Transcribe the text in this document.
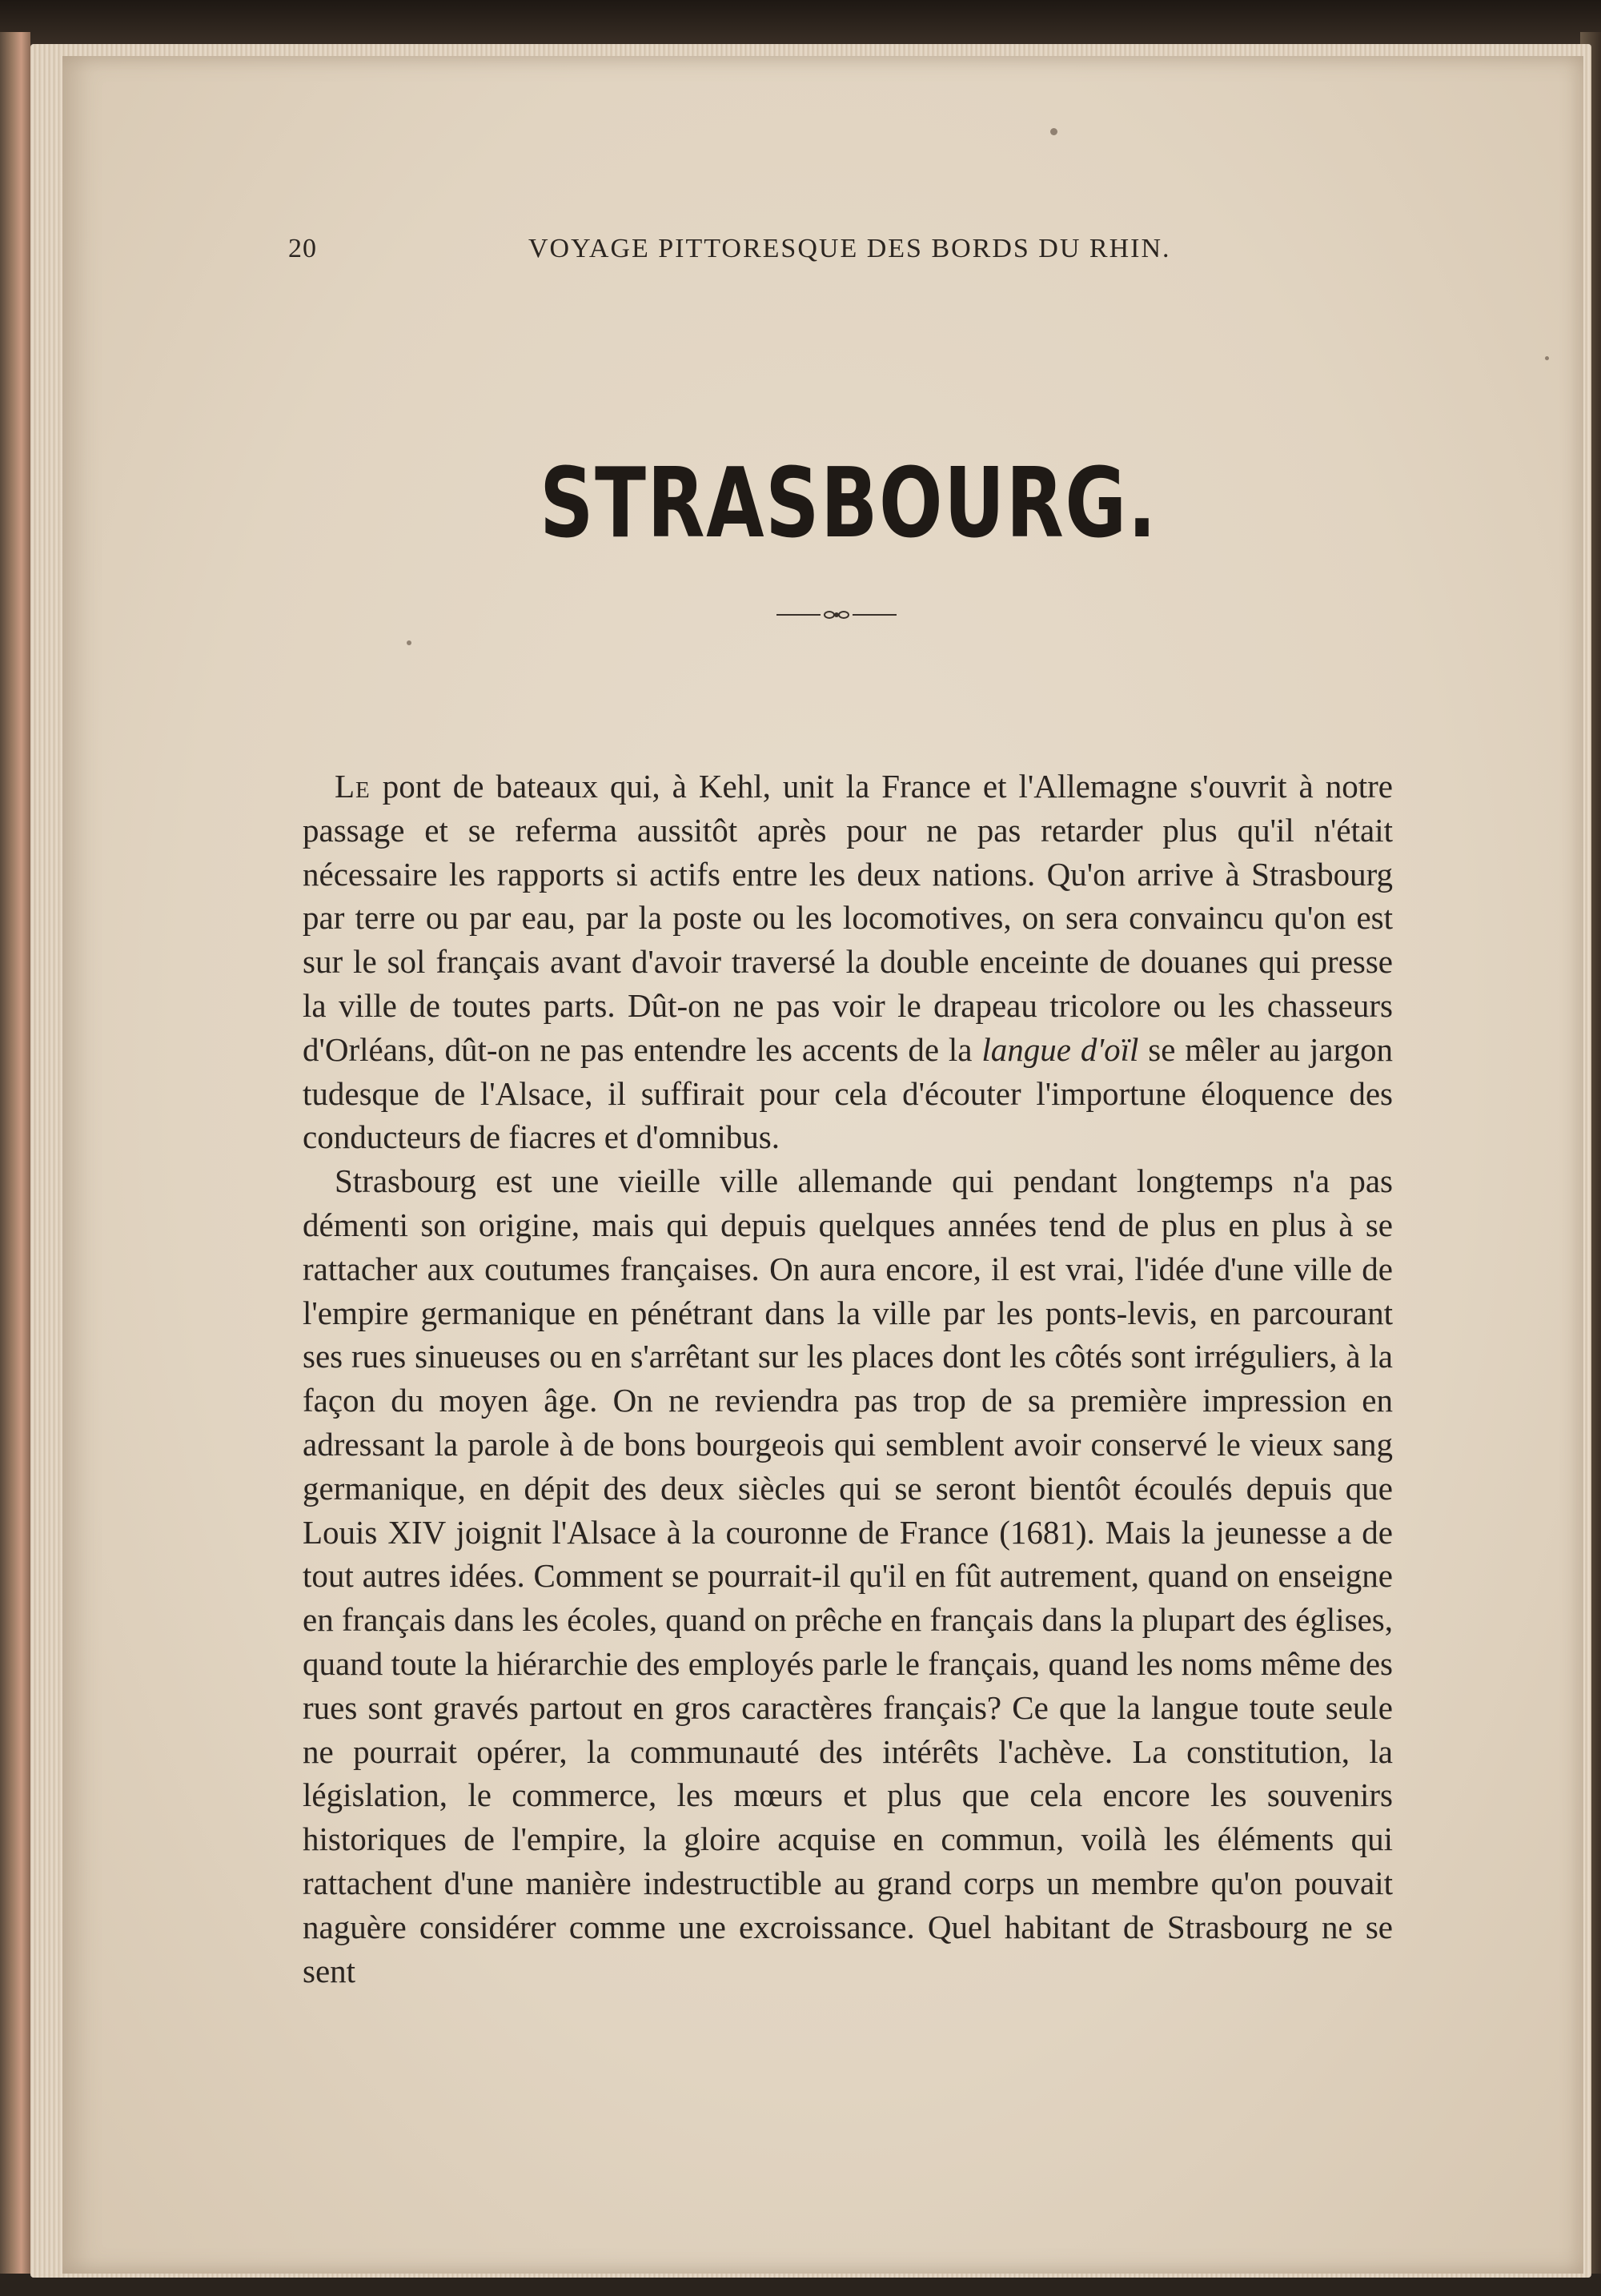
20	VOYAGE PITTORESQUE DES BORDS DU RHIN.
STRASBOURG.

Le pont de bateaux qui, à Kehl, unit la France et l'Allemagne s'ouvrit à notre passage et se referma aussitôt après pour ne pas retarder plus qu'il n'était nécessaire les rapports si actifs entre les deux nations. Qu'on arrive à Strasbourg par terre ou par eau, par la poste ou les locomotives, on sera convaincu qu'on est sur le sol français avant d'avoir traversé la double enceinte de douanes qui presse la ville de toutes parts. Dût-on ne pas voir le drapeau tricolore ou les chasseurs d'Orléans, dût-on ne pas entendre les accents de la langue d'oïl se mêler au jargon tudesque de l'Alsace, il suffirait pour cela d'écouter l'importune éloquence des conducteurs de fiacres et d'omnibus.

Strasbourg est une vieille ville allemande qui pendant longtemps n'a pas démenti son origine, mais qui depuis quelques années tend de plus en plus à se rattacher aux coutumes françaises. On aura encore, il est vrai, l'idée d'une ville de l'empire germanique en pénétrant dans la ville par les ponts-levis, en parcourant ses rues sinueuses ou en s'arrêtant sur les places dont les côtés sont irréguliers, à la façon du moyen âge. On ne reviendra pas trop de sa première impression en adressant la parole à de bons bourgeois qui semblent avoir conservé le vieux sang germanique, en dépit des deux siècles qui se seront bientôt écoulés depuis que Louis XIV joignit l'Alsace à la couronne de France (1681). Mais la jeunesse a de tout autres idées. Comment se pourrait-il qu'il en fût autrement, quand on enseigne en français dans les écoles, quand on prêche en français dans la plupart des églises, quand toute la hiérarchie des employés parle le français, quand les noms même des rues sont gravés partout en gros caractères français? Ce que la langue toute seule ne pourrait opérer, la communauté des intérêts l'achève. La constitution, la législation, le commerce, les mœurs et plus que cela encore les souvenirs historiques de l'empire, la gloire acquise en commun, voilà les éléments qui rattachent d'une manière indestructible au grand corps un membre qu'on pouvait naguère considérer comme une excroissance. Quel habitant de Strasbourg ne se sent
